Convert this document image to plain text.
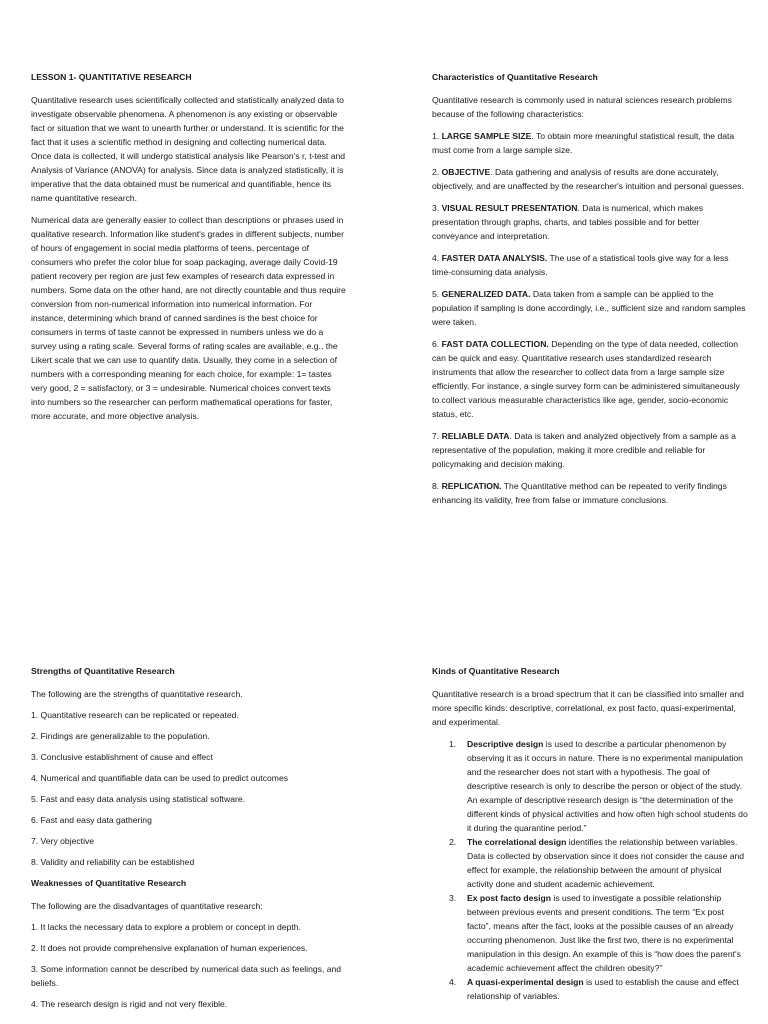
LESSON 1- QUANTITATIVE RESEARCH

Quantitative research uses scientifically collected and statistically analyzed data to investigate observable phenomena. A phenomenon is any existing or observable fact or situation that we want to unearth further or understand. It is scientific for the fact that it uses a scientific method in designing and collecting numerical data. Once data is collected, it will undergo statistical analysis like Pearson's r, t-test and Analysis of Variance (ANOVA) for analysis. Since data is analyzed statistically, it is imperative that the data obtained must be numerical and quantifiable, hence its name quantitative research.

Numerical data are generally easier to collect than descriptions or phrases used in qualitative research. Information like student's grades in different subjects, number of hours of engagement in social media platforms of teens, percentage of consumers who prefer the color blue for soap packaging, average daily Covid-19 patient recovery per region are just few examples of research data expressed in numbers. Some data on the other hand, are not directly countable and thus require conversion from non-numerical information into numerical information. For instance, determining which brand of canned sardines is the best choice for consumers in terms of taste cannot be expressed in numbers unless we do a survey using a rating scale. Several forms of rating scales are available, e.g., the Likert scale that we can use to quantify data. Usually, they come in a selection of numbers with a corresponding meaning for each choice, for example: 1= tastes very good, 2 = satisfactory, or 3 = undesirable. Numerical choices convert texts into numbers so the researcher can perform mathematical operations for faster, more accurate, and more objective analysis.

Characteristics of Quantitative Research

Quantitative research is commonly used in natural sciences research problems because of the following characteristics:

1. LARGE SAMPLE SIZE. To obtain more meaningful statistical result, the data must come from a large sample size.

2. OBJECTIVE. Data gathering and analysis of results are done accurately, objectively, and are unaffected by the researcher's intuition and personal guesses.

3. VISUAL RESULT PRESENTATION. Data is numerical, which makes presentation through graphs, charts, and tables possible and for better conveyance and interpretation.

4. FASTER DATA ANALYSIS. The use of a statistical tools give way for a less time-consuming data analysis.

5. GENERALIZED DATA. Data taken from a sample can be applied to the population if sampling is done accordingly, i.e., sufficient size and random samples were taken.

6. FAST DATA COLLECTION. Depending on the type of data needed, collection can be quick and easy. Quantitative research uses standardized research instruments that allow the researcher to collect data from a large sample size efficiently. For instance, a single survey form can be administered simultaneously to collect various measurable characteristics like age, gender, socio-economic status, etc.

7. RELIABLE DATA. Data is taken and analyzed objectively from a sample as a representative of the population, making it more credible and reliable for policymaking and decision making.

8. REPLICATION. The Quantitative method can be repeated to verify findings enhancing its validity, free from false or immature conclusions.

Strengths of Quantitative Research

The following are the strengths of quantitative research.

1. Quantitative research can be replicated or repeated.

2. Findings are generalizable to the population.

3. Conclusive establishment of cause and effect

4. Numerical and quantifiable data can be used to predict outcomes

5. Fast and easy data analysis using statistical software.

6. Fast and easy data gathering

7. Very objective

8. Validity and reliability can be established

Weaknesses of Quantitative Research

The following are the disadvantages of quantitative research:

1. It lacks the necessary data to explore a problem or concept in depth.

2. It does not provide comprehensive explanation of human experiences.

3. Some information cannot be described by numerical data such as feelings, and beliefs.

4. The research design is rigid and not very flexible.

Kinds of Quantitative Research

Quantitative research is a broad spectrum that it can be classified into smaller and more specific kinds: descriptive, correlational, ex post facto, quasi-experimental, and experimental.

1. Descriptive design is used to describe a particular phenomenon by observing it as it occurs in nature. There is no experimental manipulation and the researcher does not start with a hypothesis. The goal of descriptive research is only to describe the person or object of the study. An example of descriptive research design is “the determination of the different kinds of physical activities and how often high school students do it during the quarantine period.”
2. The correlational design identifies the relationship between variables. Data is collected by observation since it does not consider the cause and effect for example, the relationship between the amount of physical activity done and student academic achievement.
3. Ex post facto design is used to investigate a possible relationship between previous events and present conditions. The term “Ex post facto”, means after the fact, looks at the possible causes of an already occurring phenomenon. Just like the first two, there is no experimental manipulation in this design. An example of this is “how does the parent's academic achievement affect the children obesity?”
4. A quasi-experimental design is used to establish the cause and effect relationship of variables.
